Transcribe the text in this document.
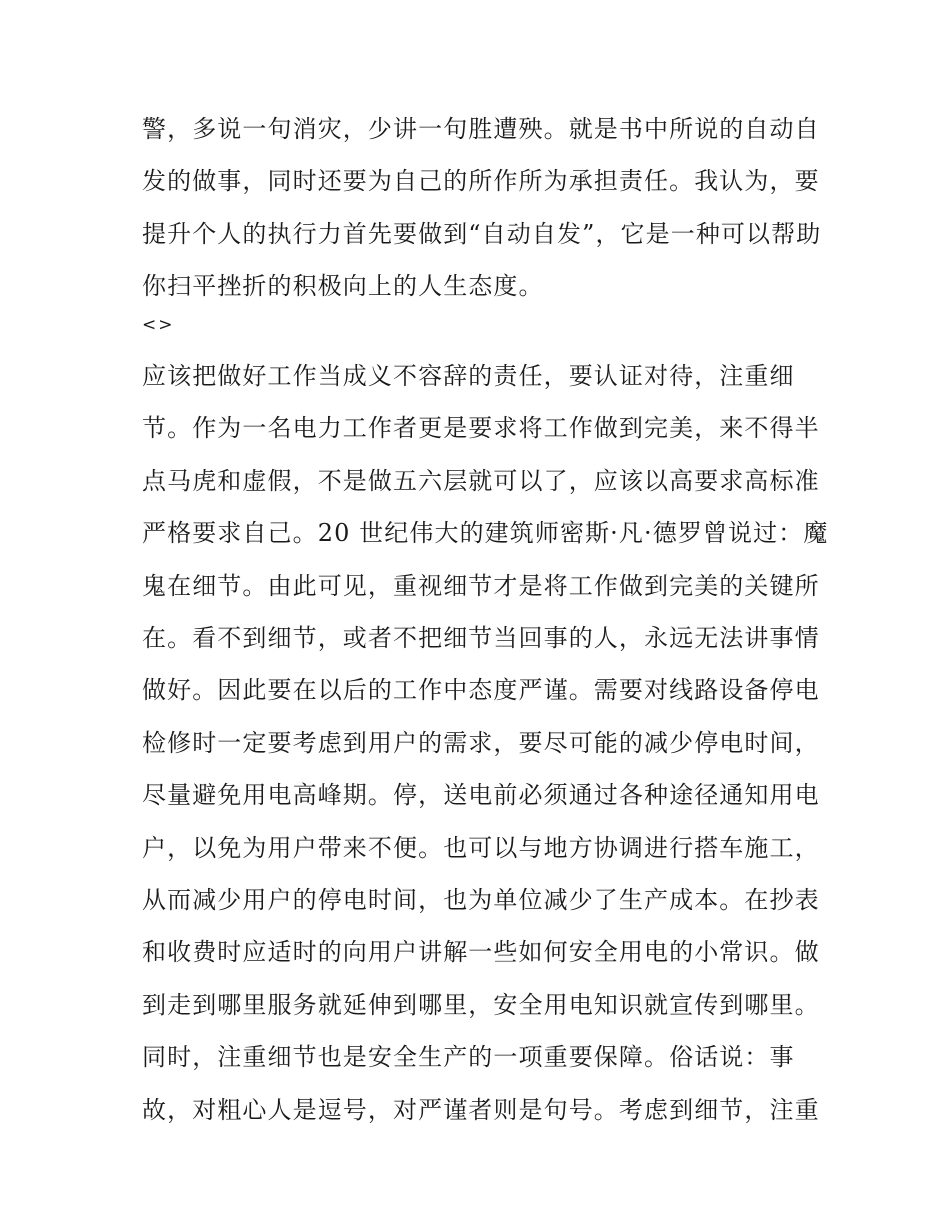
警，多说一句消灾，少讲一句胜遭殃。就是书中所说的自动自
发的做事，同时还要为自己的所作所为承担责任。我认为，要
提升个人的执行力首先要做到“自动自发”，它是一种可以帮助
你扫平挫折的积极向上的人生态度。
<>
应该把做好工作当成义不容辞的责任，要认证对待，注重细
节。作为一名电力工作者更是要求将工作做到完美，来不得半
点马虎和虚假，不是做五六层就可以了，应该以高要求高标准
严格要求自己。20 世纪伟大的建筑师密斯·凡·德罗曾说过：魔
鬼在细节。由此可见，重视细节才是将工作做到完美的关键所
在。看不到细节，或者不把细节当回事的人，永远无法讲事情
做好。因此要在以后的工作中态度严谨。需要对线路设备停电
检修时一定要考虑到用户的需求，要尽可能的减少停电时间，
尽量避免用电高峰期。停，送电前必须通过各种途径通知用电
户，以免为用户带来不便。也可以与地方协调进行搭车施工，
从而减少用户的停电时间，也为单位减少了生产成本。在抄表
和收费时应适时的向用户讲解一些如何安全用电的小常识。做
到走到哪里服务就延伸到哪里，安全用电知识就宣传到哪里。
同时，注重细节也是安全生产的一项重要保障。俗话说：事
故，对粗心人是逗号，对严谨者则是句号。考虑到细节，注重
